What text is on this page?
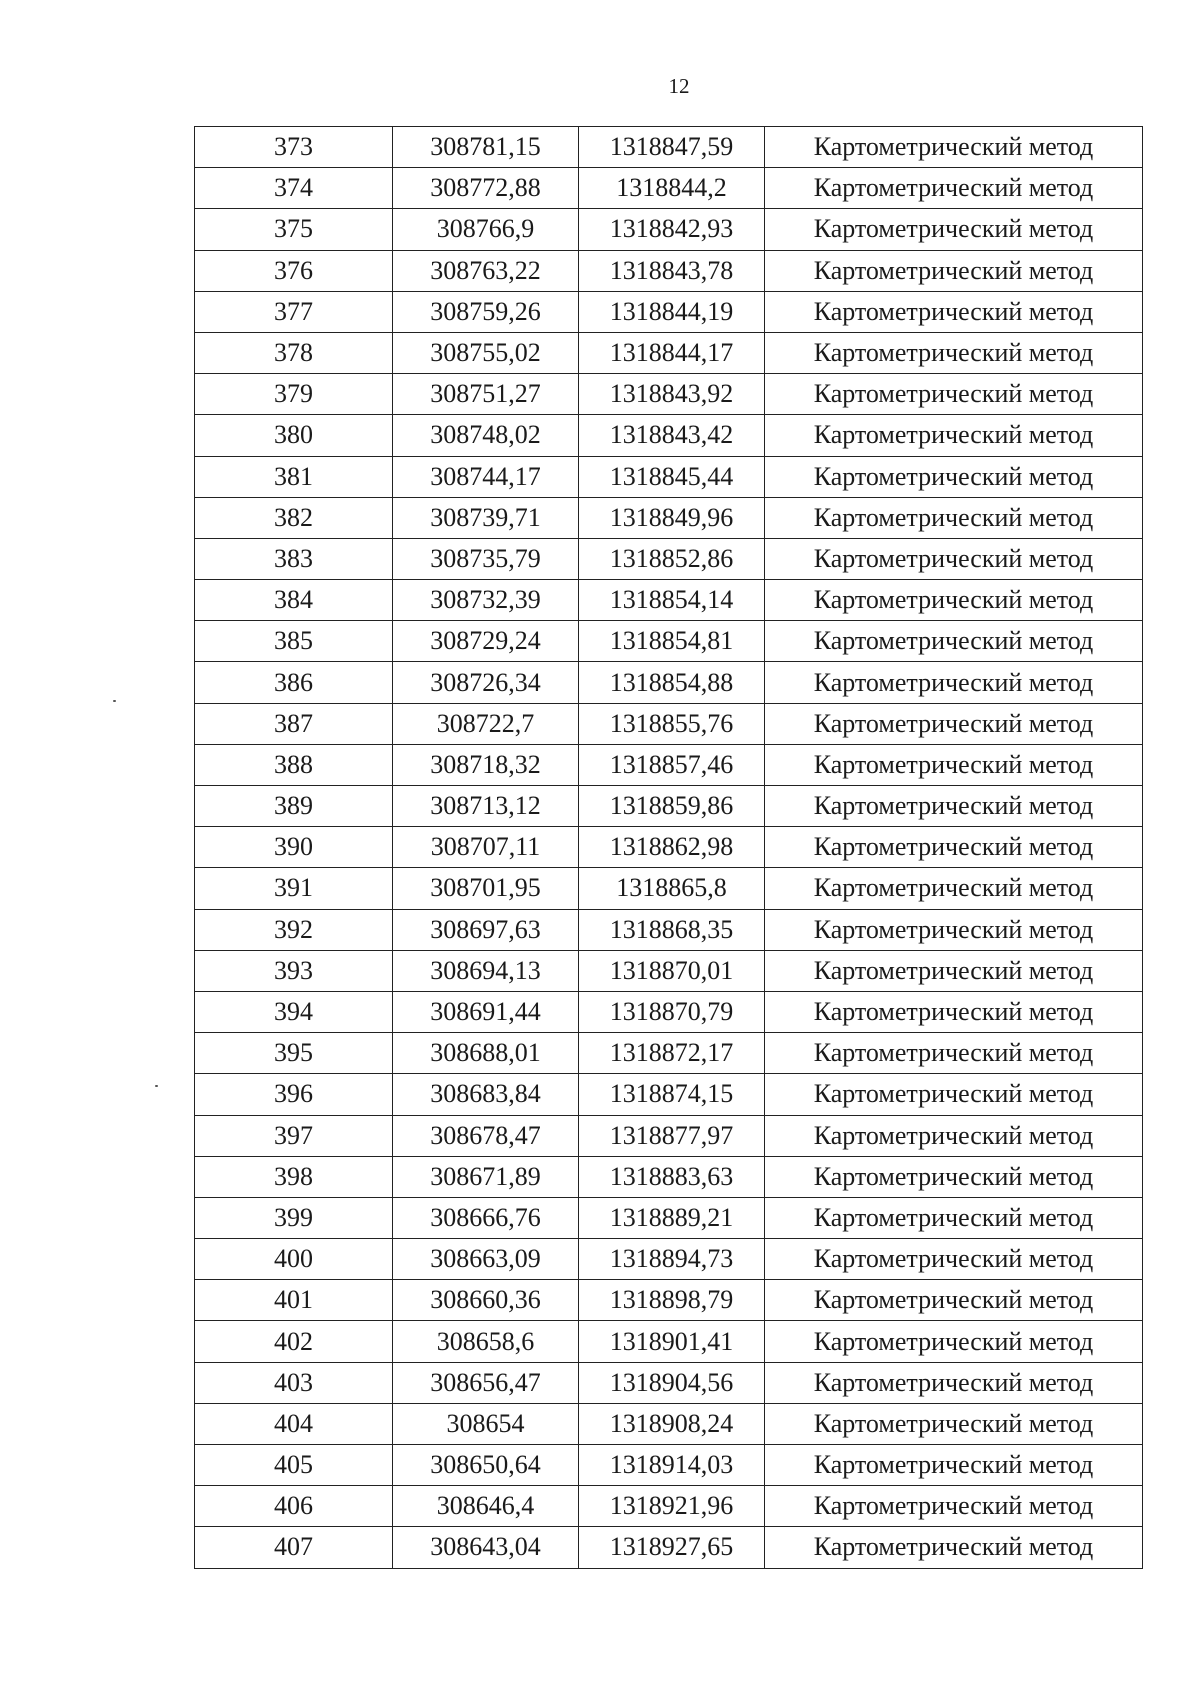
12
373	308781,15	1318847,59	Картометрический метод
374	308772,88	1318844,2	Картометрический метод
375	308766,9	1318842,93	Картометрический метод
376	308763,22	1318843,78	Картометрический метод
377	308759,26	1318844,19	Картометрический метод
378	308755,02	1318844,17	Картометрический метод
379	308751,27	1318843,92	Картометрический метод
380	308748,02	1318843,42	Картометрический метод
381	308744,17	1318845,44	Картометрический метод
382	308739,71	1318849,96	Картометрический метод
383	308735,79	1318852,86	Картометрический метод
384	308732,39	1318854,14	Картометрический метод
385	308729,24	1318854,81	Картометрический метод
386	308726,34	1318854,88	Картометрический метод
387	308722,7	1318855,76	Картометрический метод
388	308718,32	1318857,46	Картометрический метод
389	308713,12	1318859,86	Картометрический метод
390	308707,11	1318862,98	Картометрический метод
391	308701,95	1318865,8	Картометрический метод
392	308697,63	1318868,35	Картометрический метод
393	308694,13	1318870,01	Картометрический метод
394	308691,44	1318870,79	Картометрический метод
395	308688,01	1318872,17	Картометрический метод
396	308683,84	1318874,15	Картометрический метод
397	308678,47	1318877,97	Картометрический метод
398	308671,89	1318883,63	Картометрический метод
399	308666,76	1318889,21	Картометрический метод
400	308663,09	1318894,73	Картометрический метод
401	308660,36	1318898,79	Картометрический метод
402	308658,6	1318901,41	Картометрический метод
403	308656,47	1318904,56	Картометрический метод
404	308654	1318908,24	Картометрический метод
405	308650,64	1318914,03	Картометрический метод
406	308646,4	1318921,96	Картометрический метод
407	308643,04	1318927,65	Картометрический метод
